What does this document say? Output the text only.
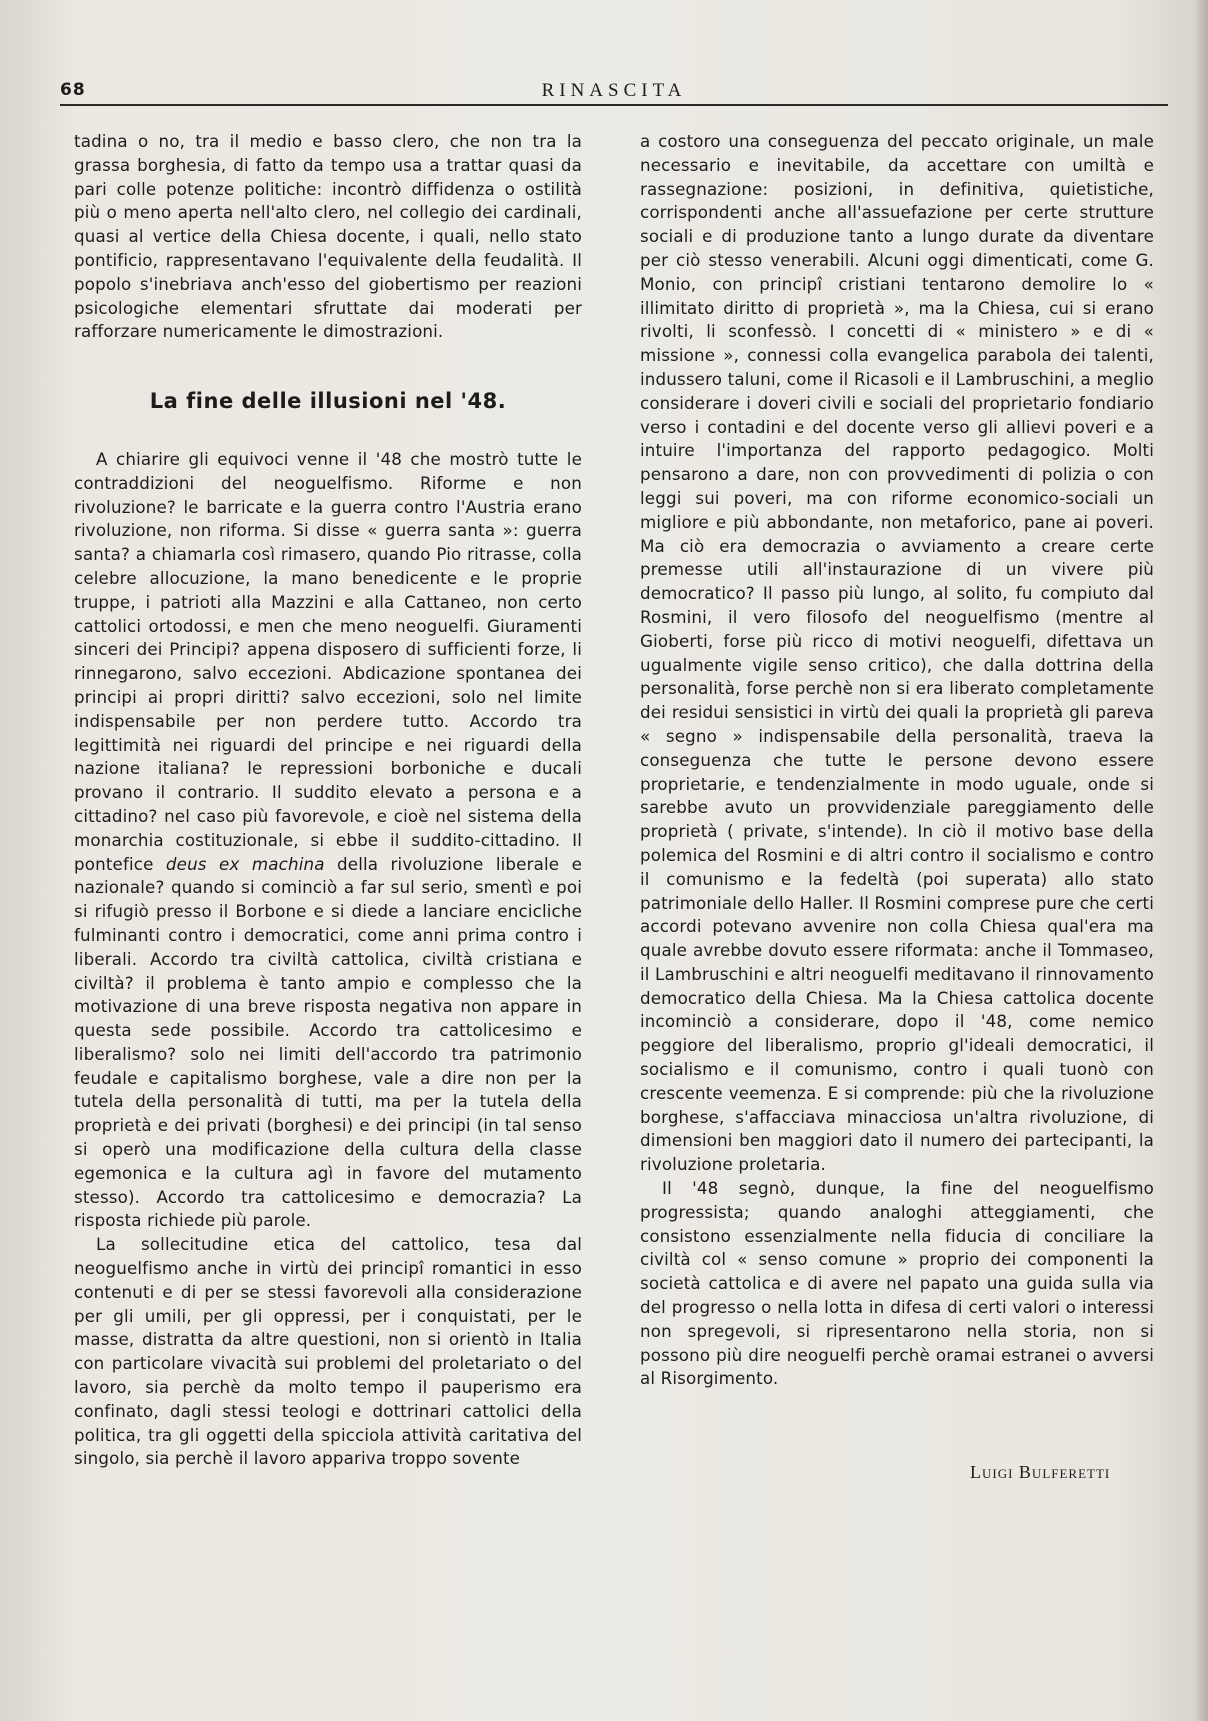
68	RINASCITA

tadina o no, tra il medio e basso clero, che non tra la grassa borghesia, di fatto da tempo usa a trattar quasi da pari colle potenze politiche: incontrò diffidenza o ostilità più o meno aperta nell'alto clero, nel collegio dei cardinali, quasi al vertice della Chiesa docente, i quali, nello stato pontificio, rappresentavano l'equivalente della feudalità. Il popolo s'inebriava anch'esso del giobertismo per reazioni psicologiche elementari sfruttate dai moderati per rafforzare numericamente le dimostrazioni.

La fine delle illusioni nel '48.

A chiarire gli equivoci venne il '48 che mostrò tutte le contraddizioni del neoguelfismo. Riforme e non rivoluzione? le barricate e la guerra contro l'Austria erano rivoluzione, non riforma. Si disse « guerra santa »: guerra santa? a chiamarla così rimasero, quando Pio ritrasse, colla celebre allocuzione, la mano benedicente e le proprie truppe, i patrioti alla Mazzini e alla Cattaneo, non certo cattolici ortodossi, e men che meno neoguelfi. Giuramenti sinceri dei Principi? appena disposero di sufficienti forze, li rinnegarono, salvo eccezioni. Abdicazione spontanea dei principi ai propri diritti? salvo eccezioni, solo nel limite indispensabile per non perdere tutto. Accordo tra legittimità nei riguardi del principe e nei riguardi della nazione italiana? le repressioni borboniche e ducali provano il contrario. Il suddito elevato a persona e a cittadino? nel caso più favorevole, e cioè nel sistema della monarchia costituzionale, si ebbe il suddito-cittadino. Il pontefice deus ex machina della rivoluzione liberale e nazionale? quando si cominciò a far sul serio, smentì e poi si rifugiò presso il Borbone e si diede a lanciare encicliche fulminanti contro i democratici, come anni prima contro i liberali. Accordo tra civiltà cattolica, civiltà cristiana e civiltà? il problema è tanto ampio e complesso che la motivazione di una breve risposta negativa non appare in questa sede possibile. Accordo tra cattolicesimo e liberalismo? solo nei limiti dell'accordo tra patrimonio feudale e capitalismo borghese, vale a dire non per la tutela della personalità di tutti, ma per la tutela della proprietà e dei privati (borghesi) e dei principi (in tal senso si operò una modificazione della cultura della classe egemonica e la cultura agì in favore del mutamento stesso). Accordo tra cattolicesimo e democrazia? La risposta richiede più parole.

La sollecitudine etica del cattolico, tesa dal neoguelfismo anche in virtù dei principî romantici in esso contenuti e di per se stessi favorevoli alla considerazione per gli umili, per gli oppressi, per i conquistati, per le masse, distratta da altre questioni, non si orientò in Italia con particolare vivacità sui problemi del proletariato o del lavoro, sia perchè da molto tempo il pauperismo era confinato, dagli stessi teologi e dottrinari cattolici della politica, tra gli oggetti della spicciola attività caritativa del singolo, sia perchè il lavoro appariva troppo sovente

a costoro una conseguenza del peccato originale, un male necessario e inevitabile, da accettare con umiltà e rassegnazione: posizioni, in definitiva, quietistiche, corrispondenti anche all'assuefazione per certe strutture sociali e di produzione tanto a lungo durate da diventare per ciò stesso venerabili. Alcuni oggi dimenticati, come G. Monio, con principî cristiani tentarono demolire lo « illimitato diritto di proprietà », ma la Chiesa, cui si erano rivolti, li sconfessò. I concetti di « ministero » e di « missione », connessi colla evangelica parabola dei talenti, indussero taluni, come il Ricasoli e il Lambruschini, a meglio considerare i doveri civili e sociali del proprietario fondiario verso i contadini e del docente verso gli allievi poveri e a intuire l'importanza del rapporto pedagogico. Molti pensarono a dare, non con provvedimenti di polizia o con leggi sui poveri, ma con riforme economico-sociali un migliore e più abbondante, non metaforico, pane ai poveri. Ma ciò era democrazia o avviamento a creare certe premesse utili all'instaurazione di un vivere più democratico? Il passo più lungo, al solito, fu compiuto dal Rosmini, il vero filosofo del neoguelfismo (mentre al Gioberti, forse più ricco di motivi neoguelfi, difettava un ugualmente vigile senso critico), che dalla dottrina della personalità, forse perchè non si era liberato completamente dei residui sensistici in virtù dei quali la proprietà gli pareva « segno » indispensabile della personalità, traeva la conseguenza che tutte le persone devono essere proprietarie, e tendenzialmente in modo uguale, onde si sarebbe avuto un provvidenziale pareggiamento delle proprietà ( private, s'intende). In ciò il motivo base della polemica del Rosmini e di altri contro il socialismo e contro il comunismo e la fedeltà (poi superata) allo stato patrimoniale dello Haller. Il Rosmini comprese pure che certi accordi potevano avvenire non colla Chiesa qual'era ma quale avrebbe dovuto essere riformata: anche il Tommaseo, il Lambruschini e altri neoguelfi meditavano il rinnovamento democratico della Chiesa. Ma la Chiesa cattolica docente incominciò a considerare, dopo il '48, come nemico peggiore del liberalismo, proprio gl'ideali democratici, il socialismo e il comunismo, contro i quali tuonò con crescente veemenza. E si comprende: più che la rivoluzione borghese, s'affacciava minacciosa un'altra rivoluzione, di dimensioni ben maggiori dato il numero dei partecipanti, la rivoluzione proletaria.

Il '48 segnò, dunque, la fine del neoguelfismo progressista; quando analoghi atteggiamenti, che consistono essenzialmente nella fiducia di conciliare la civiltà col « senso comune » proprio dei componenti la società cattolica e di avere nel papato una guida sulla via del progresso o nella lotta in difesa di certi valori o interessi non spregevoli, si ripresentarono nella storia, non si possono più dire neoguelfi perchè oramai estranei o avversi al Risorgimento.

Luigi Bulferetti
